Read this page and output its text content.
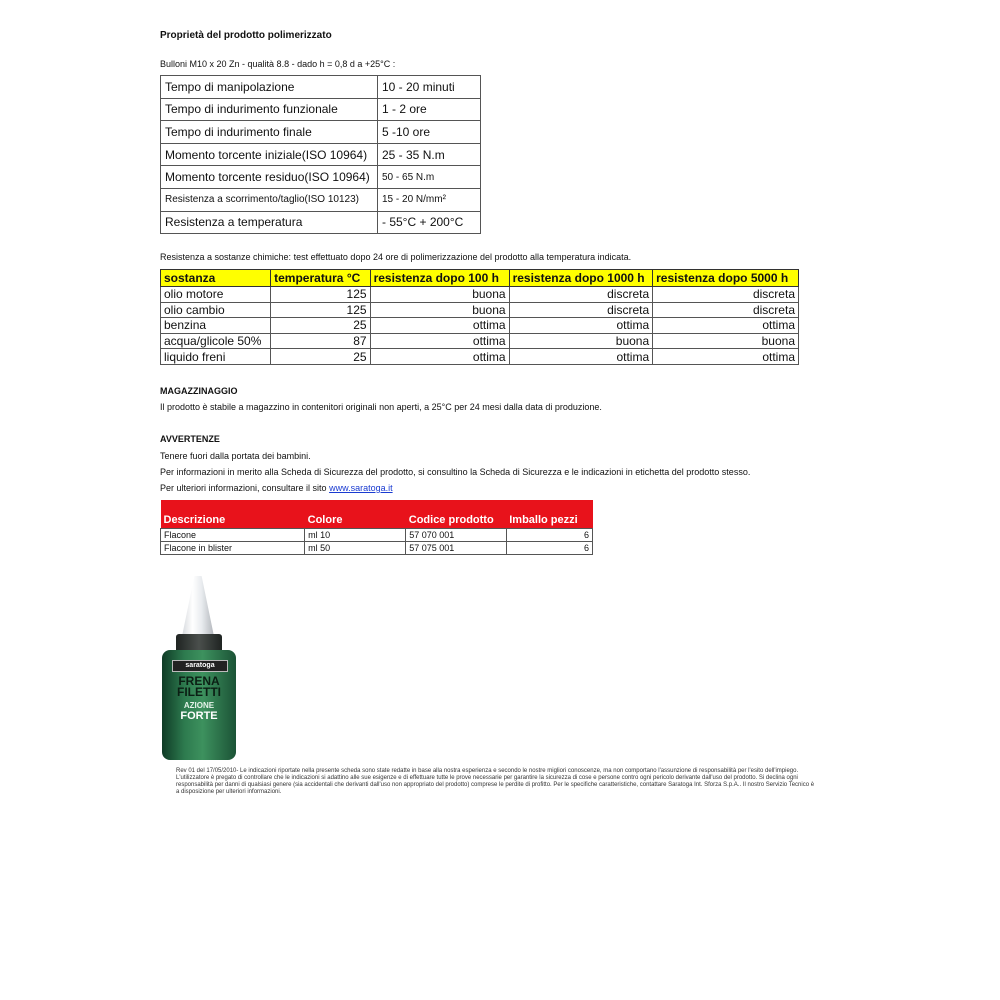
Proprietà del prodotto polimerizzato
Bulloni M10 x 20 Zn - qualità 8.8 - dado h = 0,8 d a +25°C :
Tempo di manipolazione	10 - 20 minuti
Tempo di indurimento funzionale	1 - 2 ore
Tempo di indurimento finale	5 -10 ore
Momento torcente iniziale(ISO 10964)	25 - 35 N.m
Momento torcente residuo(ISO 10964)	50 - 65 N.m
Resistenza a scorrimento/taglio(ISO 10123)	15 - 20 N/mm²
Resistenza a temperatura	- 55°C + 200°C
Resistenza a sostanze chimiche: test effettuato dopo 24 ore di polimerizzazione del prodotto alla temperatura indicata.
sostanza	temperatura °C	resistenza dopo 100 h	resistenza dopo 1000 h	resistenza dopo 5000 h
olio motore	125	buona	discreta	discreta
olio cambio	125	buona	discreta	discreta
benzina	25	ottima	ottima	ottima
acqua/glicole 50%	87	ottima	buona	buona
liquido freni	25	ottima	ottima	ottima
MAGAZZINAGGIO
Il prodotto è stabile a magazzino in contenitori originali non aperti, a 25°C per 24 mesi dalla data di produzione.
AVVERTENZE
Tenere fuori dalla portata dei bambini.
Per informazioni in merito alla Scheda di Sicurezza del prodotto, si consultino la Scheda di Sicurezza e le indicazioni in etichetta del prodotto stesso.
Per ulteriori informazioni, consultare il sito www.saratoga.it
Descrizione	Colore	Codice prodotto	Imballo pezzi
Flacone	ml 10	57 070 001	6
Flacone in blister	ml 50	57 075 001	6
saratoga
FRENA FILETTI
AZIONE
FORTE
Rev 01 del 17/05/2010- Le indicazioni riportate nella presente scheda sono state redatte in base alla nostra esperienza e secondo le nostre migliori conoscenze, ma non comportano l'assunzione di responsabilità per l'esito dell'impiego. L'utilizzatore è pregato di controllare che le indicazioni si adattino alle sue esigenze e di effettuare tutte le prove necessarie per garantire la sicurezza di cose e persone contro ogni pericolo derivante dall'uso del prodotto. Si declina ogni responsabilità per danni di qualsiasi genere (sia accidentali che derivanti dall'uso non appropriato del prodotto) comprese le perdite di profitto. Per le specifiche caratteristiche, contattare Saratoga Int. Sforza S.p.A.. Il nostro Servizio Tecnico è a disposizione per ulteriori informazioni.
